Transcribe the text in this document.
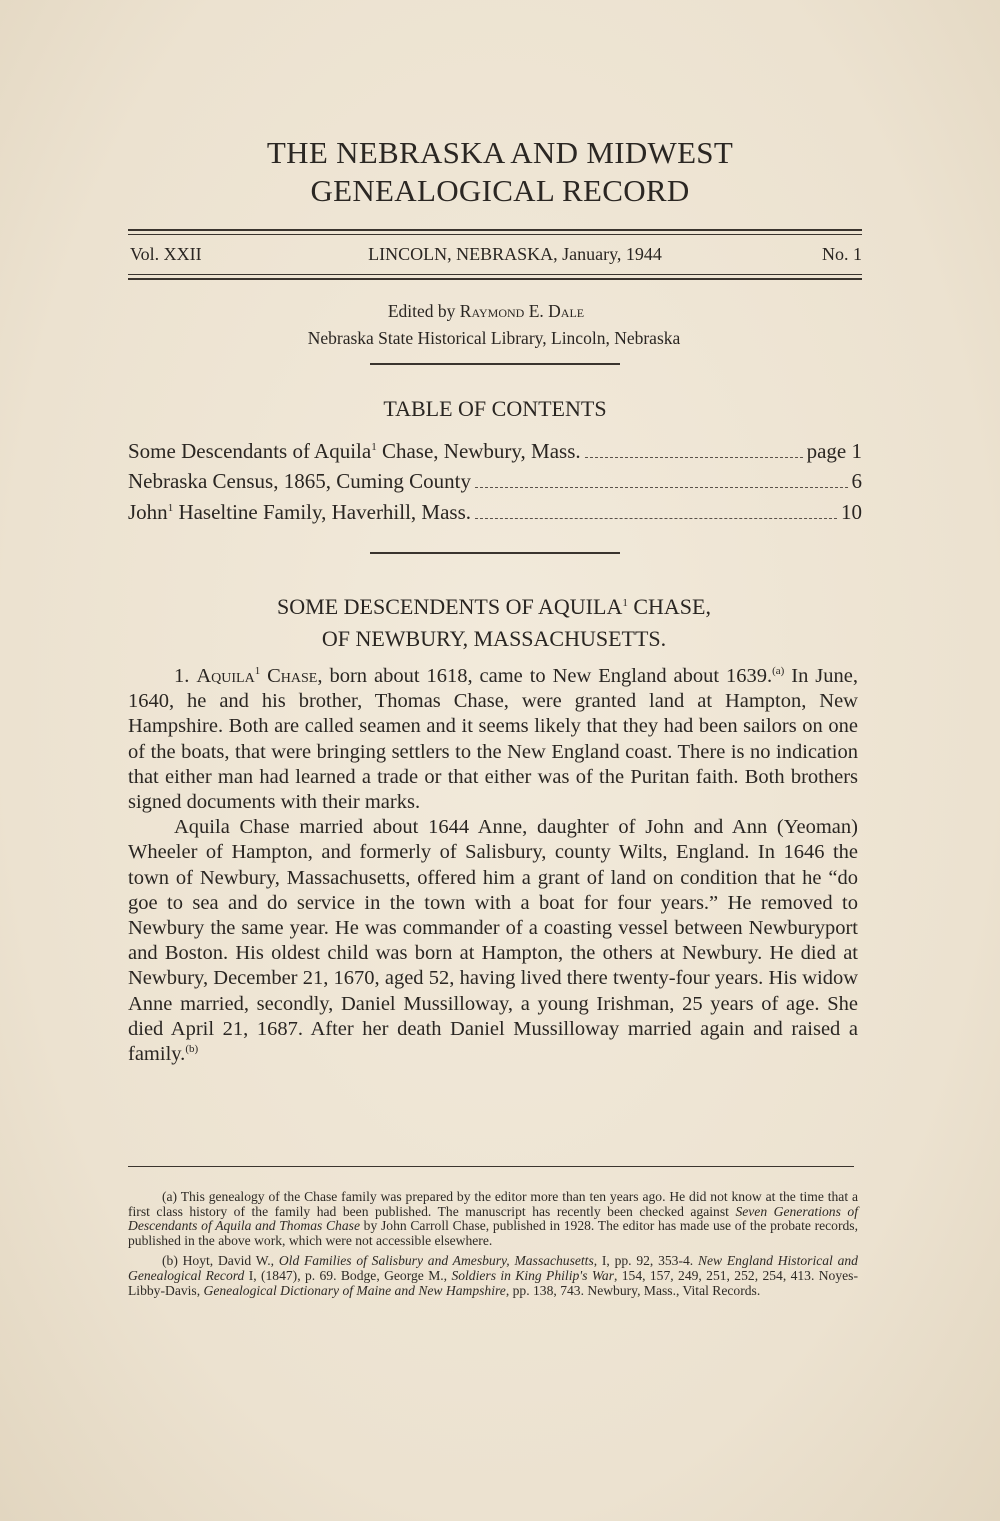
THE NEBRASKA AND MIDWEST
GENEALOGICAL RECORD
Vol. XXII	LINCOLN, NEBRASKA, January, 1944	No. 1
Edited by Raymond E. Dale
Nebraska State Historical Library, Lincoln, Nebraska
TABLE OF CONTENTS
Some Descendants of Aquila$^1$ Chase, Newbury, Mass.	page 1
Nebraska Census, 1865, Cuming County	6
John$^1$ Haseltine Family, Haverhill, Mass.	10
SOME DESCENDENTS OF AQUILA$^1$ CHASE,
OF NEWBURY, MASSACHUSETTS.

1. Aquila$^1$ Chase, born about 1618, came to New England about 1639.$^{(a)}$ In June, 1640, he and his brother, Thomas Chase, were granted land at Hampton, New Hampshire. Both are called seamen and it seems likely that they had been sailors on one of the boats, that were bringing settlers to the New England coast. There is no indication that either man had learned a trade or that either was of the Puritan faith. Both brothers signed documents with their marks.

Aquila Chase married about 1644 Anne, daughter of John and Ann (Yeoman) Wheeler of Hampton, and formerly of Salisbury, county Wilts, England. In 1646 the town of Newbury, Massachusetts, offered him a grant of land on condition that he “do goe to sea and do service in the town with a boat for four years.” He removed to Newbury the same year. He was commander of a coasting vessel between Newburyport and Boston. His oldest child was born at Hampton, the others at Newbury. He died at Newbury, December 21, 1670, aged 52, having lived there twenty-four years. His widow Anne married, secondly, Daniel Mussilloway, a young Irishman, 25 years of age. She died April 21, 1687. After her death Daniel Mussilloway married again and raised a family.$^{(b)}$

(a) This genealogy of the Chase family was prepared by the editor more than ten years ago. He did not know at the time that a first class history of the family had been published. The manuscript has recently been checked against Seven Generations of Descendants of Aquila and Thomas Chase by John Carroll Chase, published in 1928. The editor has made use of the probate records, published in the above work, which were not accessible elsewhere.

(b) Hoyt, David W., Old Families of Salisbury and Amesbury, Massachusetts, I, pp. 92, 353-4. New England Historical and Genealogical Record I, (1847), p. 69. Bodge, George M., Soldiers in King Philip's War, 154, 157, 249, 251, 252, 254, 413. Noyes-Libby-Davis, Genealogical Dictionary of Maine and New Hampshire, pp. 138, 743. Newbury, Mass., Vital Records.
